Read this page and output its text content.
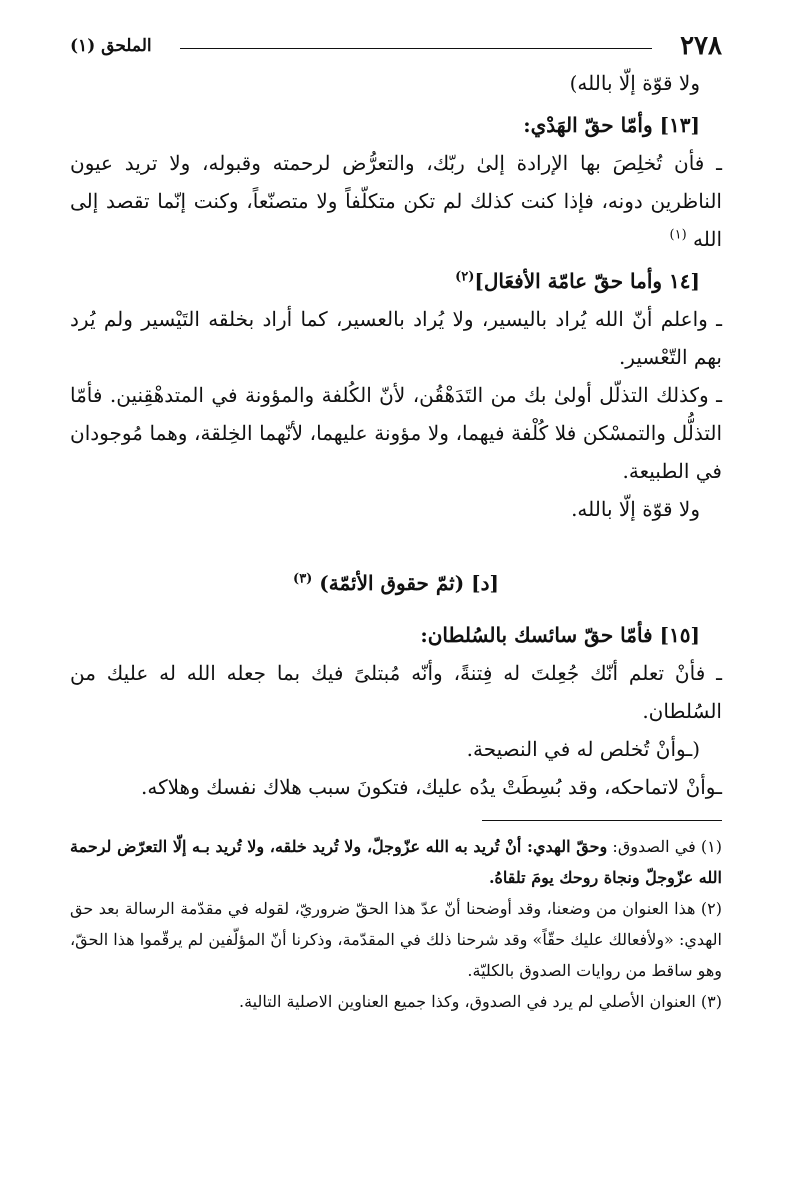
٢٧٨
الملحق (١)

ولا قوّة إلّا بالله)

[١٣] وأمّا حقّ الهَدْي:

ـ فأن تُخلِصَ بها الإرادة إلىٰ ربّك، والتعرُّض لرحمته وقبوله، ولا تريد عيون الناظرين دونه، فإذا كنت كذلك لم تكن متكلّفاً ولا متصنّعاً، وكنت إنّما تقصد إلى الله $^{(١)}$

[١٤ وأما حقّ عامّة الأفعَال]$^{(٢)}$

ـ واعلم أنّ الله يُراد باليسير، ولا يُراد بالعسير، كما أراد بخلقه التَيْسير ولم يُرد بهم التّعْسير.

ـ وكذلك التذلّل أولىٰ بك من التَدَهْقُن، لأنّ الكُلفة والمؤونة في المتدهْقِنين. فأمّا التذلُّل والتمسْكن فلا كُلْفة فيهما، ولا مؤونة عليهما، لأنّهما الخِلقة، وهما مُوجودان في الطبيعة.

ولا قوّة إلّا بالله.

[د] (ثمّ حقوق الأئمّة) $^{(٣)}$

[١٥] فأمّا حقّ سائسك بالسُلطان:

ـ فأنْ تعلم أنّك جُعِلتَ له فِتنةً، وأنّه مُبتلىً فيك بما جعله الله له عليك من السُلطان.

(ـوأنْ تُخلص له في النصيحة.

ـوأنْ لاتماحكه، وقد بُسِطَتْ يدُه عليك، فتكونَ سبب هلاك نفسك وهلاكه.

(١) في الصدوق: وحقّ الهدي: أنْ تُريد به الله عزّوجلّ، ولا تُريد خلقه، ولا تُريد بـه إلّا التعرّض لرحمة الله عزّوجلّ ونجاة روحك يومَ تلقاهُ.

(٢) هذا العنوان من وضعنا، وقد أوضحنا أنّ عدّ هذا الحقّ ضروريّ، لقوله في مقدّمة الرسالة بعد حق الهدي: «ولأفعالك عليك حقّاً» وقد شرحنا ذلك في المقدّمة، وذكرنا أنّ المؤلّفين لم يرقّموا هذا الحقّ، وهو ساقط من روايات الصدوق بالكليّة.

(٣) العنوان الأصلي لم يرد في الصدوق، وكذا جميع العناوين الاصلية التالية.
